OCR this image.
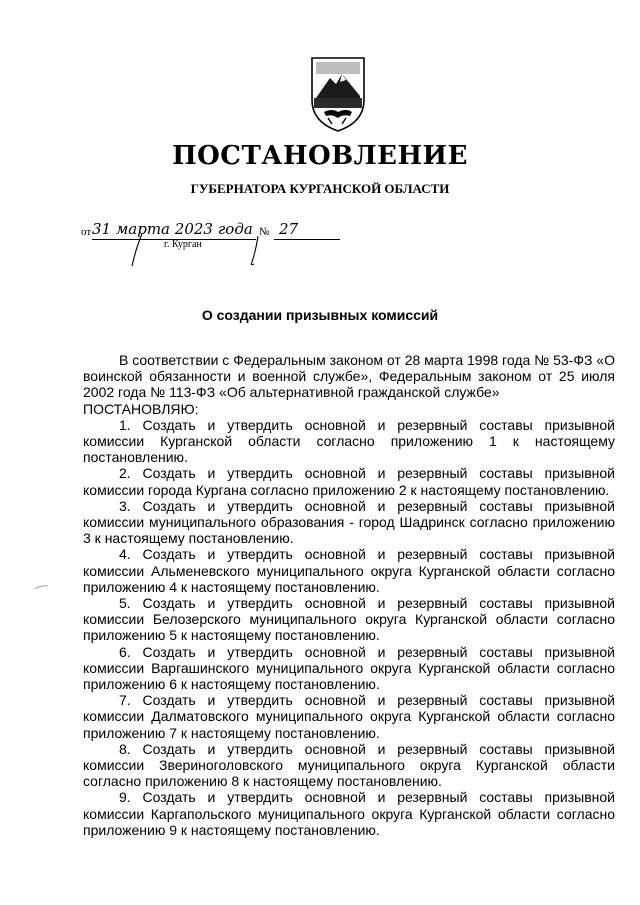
ПОСТАНОВЛЕНИЕ
ГУБЕРНАТОРА КУРГАНСКОЙ ОБЛАСТИ
от 31 марта 2023 года № 27
г. Курган
О создании призывных комиссий

В соответствии с Федеральным законом от 28 марта 1998 года № 53-ФЗ «О воинской обязанности и военной службе», Федеральным законом от 25 июля 2002 года № 113-ФЗ «Об альтернативной гражданской службе»

ПОСТАНОВЛЯЮ:

1. Создать и утвердить основной и резервный составы призывной комиссии Курганской области согласно приложению 1 к настоящему постановлению.

2. Создать и утвердить основной и резервный составы призывной комиссии города Кургана согласно приложению 2 к настоящему постановлению.

3. Создать и утвердить основной и резервный составы призывной комиссии муниципального образования - город Шадринск согласно приложению 3 к настоящему постановлению.

4. Создать и утвердить основной и резервный составы призывной комиссии Альменевского муниципального округа Курганской области согласно приложению 4 к настоящему постановлению.

5. Создать и утвердить основной и резервный составы призывной комиссии Белозерского муниципального округа Курганской области согласно приложению 5 к настоящему постановлению.

6. Создать и утвердить основной и резервный составы призывной комиссии Варгашинского муниципального округа Курганской области согласно приложению 6 к настоящему постановлению.

7. Создать и утвердить основной и резервный составы призывной комиссии Далматовского муниципального округа Курганской области согласно приложению 7 к настоящему постановлению.

8. Создать и утвердить основной и резервный составы призывной комиссии Звериноголовского муниципального округа Курганской области согласно приложению 8 к настоящему постановлению.

9. Создать и утвердить основной и резервный составы призывной комиссии Каргапольского муниципального округа Курганской области согласно приложению 9 к настоящему постановлению.
